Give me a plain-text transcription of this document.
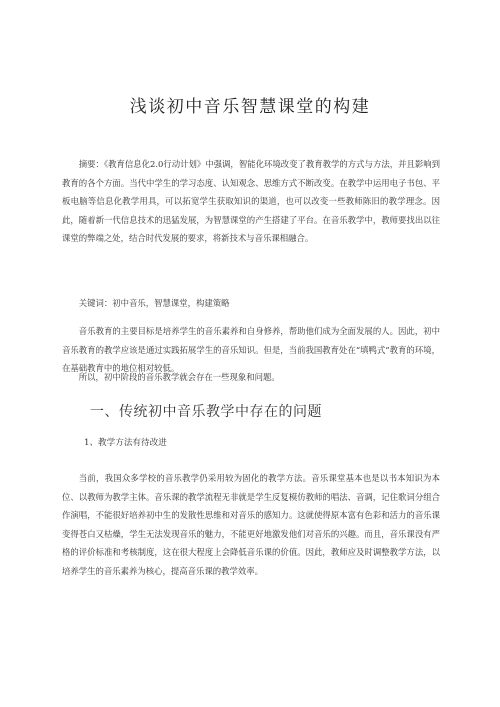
浅谈初中音乐智慧课堂的构建

摘要：《教育信息化2.0行动计划》中强调，智能化环境改变了教育教学的方式与方法，并且影响到教育的各个方面。当代中学生的学习态度、认知观念、思维方式不断改变。在教学中运用电子书包、平板电脑等信息化教学用具，可以拓宽学生获取知识的渠道，也可以改变一些教师陈旧的教学理念。因此，随着新一代信息技术的迅猛发展，为智慧课堂的产生搭建了平台。在音乐教学中，教师要找出以往课堂的弊端之处，结合时代发展的要求，将新技术与音乐课相融合。

关键词：初中音乐，智慧课堂，构建策略

音乐教育的主要目标是培养学生的音乐素养和自身修养，帮助他们成为全面发展的人。因此，初中音乐教育的教学应该是通过实践拓展学生的音乐知识。但是，当前我国教育处在“填鸭式”教育的环境，在基础教育中的地位相对较低。

所以，初中阶段的音乐教学就会存在一些现象和问题。

一、传统初中音乐教学中存在的问题
1、教学方法有待改进

当前，我国众多学校的音乐教学仍采用较为固化的教学方法。音乐课堂基本也是以书本知识为本位、以教师为教学主体。音乐课的教学流程无非就是学生反复模仿教师的唱法、音调，记住歌词分组合作演唱，不能很好培养初中生的发散性思维和对音乐的感知力。这就使得原本富有色彩和活力的音乐课变得苍白又枯燥，学生无法发现音乐的魅力，不能更好地激发他们对音乐的兴趣。而且，音乐课没有严格的评价标准和考核制度，这在很大程度上会降低音乐课的价值。因此，教师应及时调整教学方法，以培养学生的音乐素养为核心，提高音乐课的教学效率。
